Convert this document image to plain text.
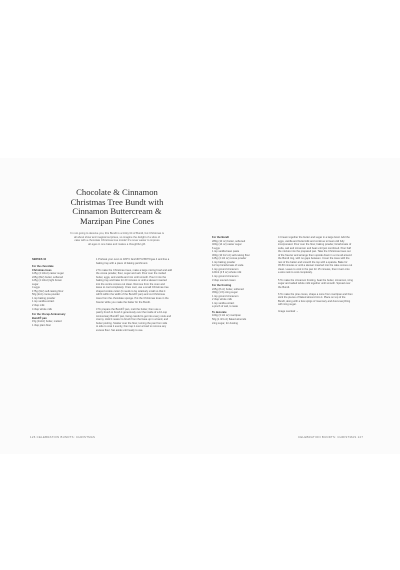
Chocolate & Cinnamon
Christmas Tree Bundt with
Cinnamon Buttercream &
Marzipan Pine Cones
I'm not going to deceive you, this Bundt is a tricky bit of Bundt, but Christmas is
all about show and magical surprises, so imagine the delight of a slice of
cake with a chocolate Christmas tree inside! It's never easier to impress
all ages in one bake and makes a thoughtful gift.
SERVES 10
For the chocolate
Christmas trees
125g (4 1/2oz) caster sugar
225g (8oz) butter, softened
125g (4 1/2oz) light brown
sugar
4 eggs
175g (6oz) self-raising flour
50g (2oz) cocoa powder
1 tsp baking powder
1 tsp vanilla extract
2 tbsp milk
4 tbsp whole milk
For the 10-cup Anniversary
Bundt® pan
15g (1/2oz) butter, melted
1 tbsp plain flour
1 Preheat your oven to 180°C fan/160°C/350°F/gas 4 and line a
baking tray with a piece of baking parchment.

2 To make the Christmas trees, make a large mixing bowl and add
the cocoa powder, flour, sugar and salt. Pour over the melted
butter, eggs, and vanilla and mix until smooth. Pour it into the
baking tray and bake for 20 minutes or until a skewer inserted
into the centre comes out clean. Remove from the oven and
leave to cool completely. Once cool, use a small Christmas tree
shaped cookie cutter (it needs to be relatively small so that it
will fit within the width of the Bundt® pan) and cut Christmas
trees from the chocolate sponge. Put the Christmas trees in the
freezer while you make the batter for the Bundt.

3 To prepare the Bundt® pan, melt the butter, then use a
pastry brush to brush it generously over the inside of a 10-cup
Anniversary Bundt® pan, being careful to get into every nook and
cranny. Hold it nearer to brush from the base up in a band, and
butter pooling. Scatter over the flour, turning the pan from side
to side to coat it evenly, then tap it over a bowl to remove any
excess flour. Set aside until ready to use.
For the Bundt
280g (10 oz) butter, softened
400g (14 oz) caster sugar
6 eggs
1 tsp vanilla bean paste
300g (10 1/2 oz) self-raising flour
125g (4 1/2 oz) cocoa powder
1 tsp baking powder
1/2 tsp bicarbonate of soda
1 tsp ground cinnamon
120ml (4 fl oz) whole milk
1 tsp ground cinnamon
3 tbsp soured cream
For the frosting
225g (8 oz) butter, softened
450g (1 lb) icing sugar
1 tsp ground cinnamon
2 tbsp whole milk
1 tsp vanilla extract
a pinch of salt, to taste
To decorate
100g (3 1/2 oz) marzipan
50g (1 3/4 oz) flaked almonds
icing sugar, for dusting
4 Cream together the butter and sugar in a large bowl. Add the
eggs, vanilla and buttermilk and continue to beat until fully
incorporated. Pour over the flour, baking powder, bicarbonate of
soda, salt and cinnamon and beat until just combined. Pour half
the mixture into the prepared pan. Take the Christmas trees out
of the freezer and arrange them upside down in a row all around
the Bundt ring, with no gaps between. Cover the trees with the
rest of the batter and smooth the top with a spatula. Bake for
45-50 minutes or until a skewer inserted into the cake comes out
clean. Leave to cool in the pan for 15 minutes, then invert onto
a wire rack to cool completely.

5 To make the cinnamon frosting, beat the butter, cinnamon, icing
sugar and salted whole milk together until smooth. Spread over
the Bundt.

6 To make the pine cones, shape a cone from marzipan and then
stick the pieces of flaked almond into it. Place on top of the
Bundt, along with a few sprigs of rosemary and dust everything
with icing sugar.

Image overleaf →
126 CELEBRATION BUNDTS: CHRISTMAS	CELEBRATION BUNDTS: CHRISTMAS 127
